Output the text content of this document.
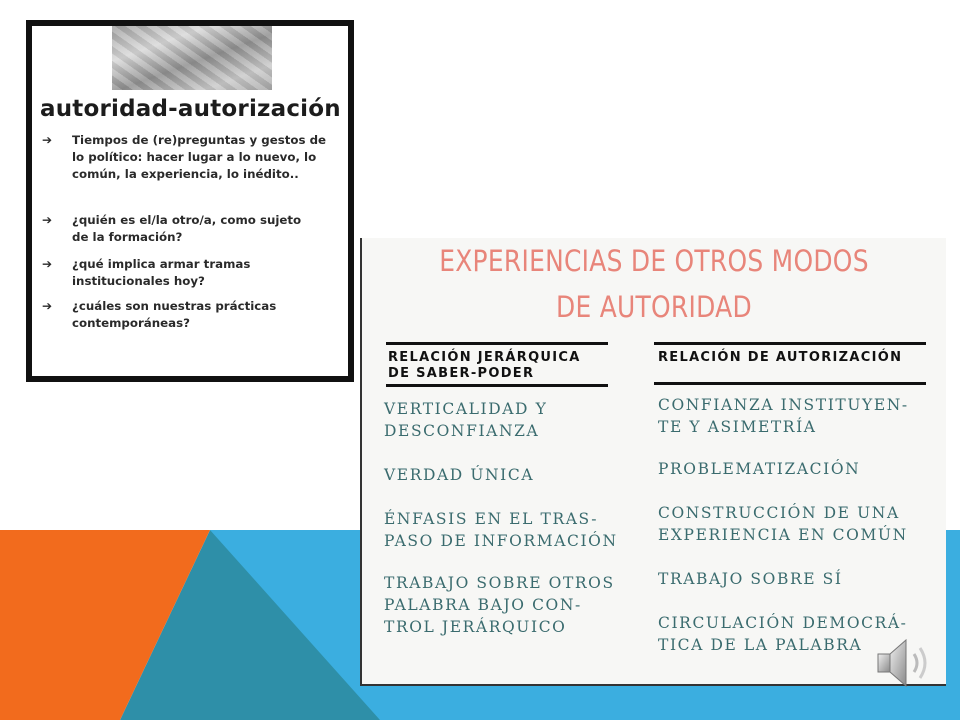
autoridad-autorización
➔	Tiempos de (re)preguntas y gestos de
lo político: hacer lugar a lo nuevo, lo
común, la experiencia, lo inédito..
➔	¿quién es el/la otro/a, como sujeto
de la formación?
➔	¿qué implica armar tramas
institucionales hoy?
➔	¿cuáles son nuestras prácticas
contemporáneas?
EXPERIENCIAS DE OTROS MODOS
DE AUTORIDAD
RELACIÓN JERÁRQUICA
DE SABER-PODER
VERTICALIDAD Y
DESCONFIANZA
VERDAD ÚNICA
ÉNFASIS EN EL TRAS-
PASO DE INFORMACIÓN
TRABAJO SOBRE OTROS
PALABRA BAJO CON-
TROL JERÁRQUICO
RELACIÓN DE AUTORIZACIÓN
CONFIANZA INSTITUYEN-
TE Y ASIMETRÍA
PROBLEMATIZACIÓN
CONSTRUCCIÓN DE UNA
EXPERIENCIA EN COMÚN
TRABAJO SOBRE SÍ
CIRCULACIÓN DEMOCRÁ-
TICA DE LA PALABRA
